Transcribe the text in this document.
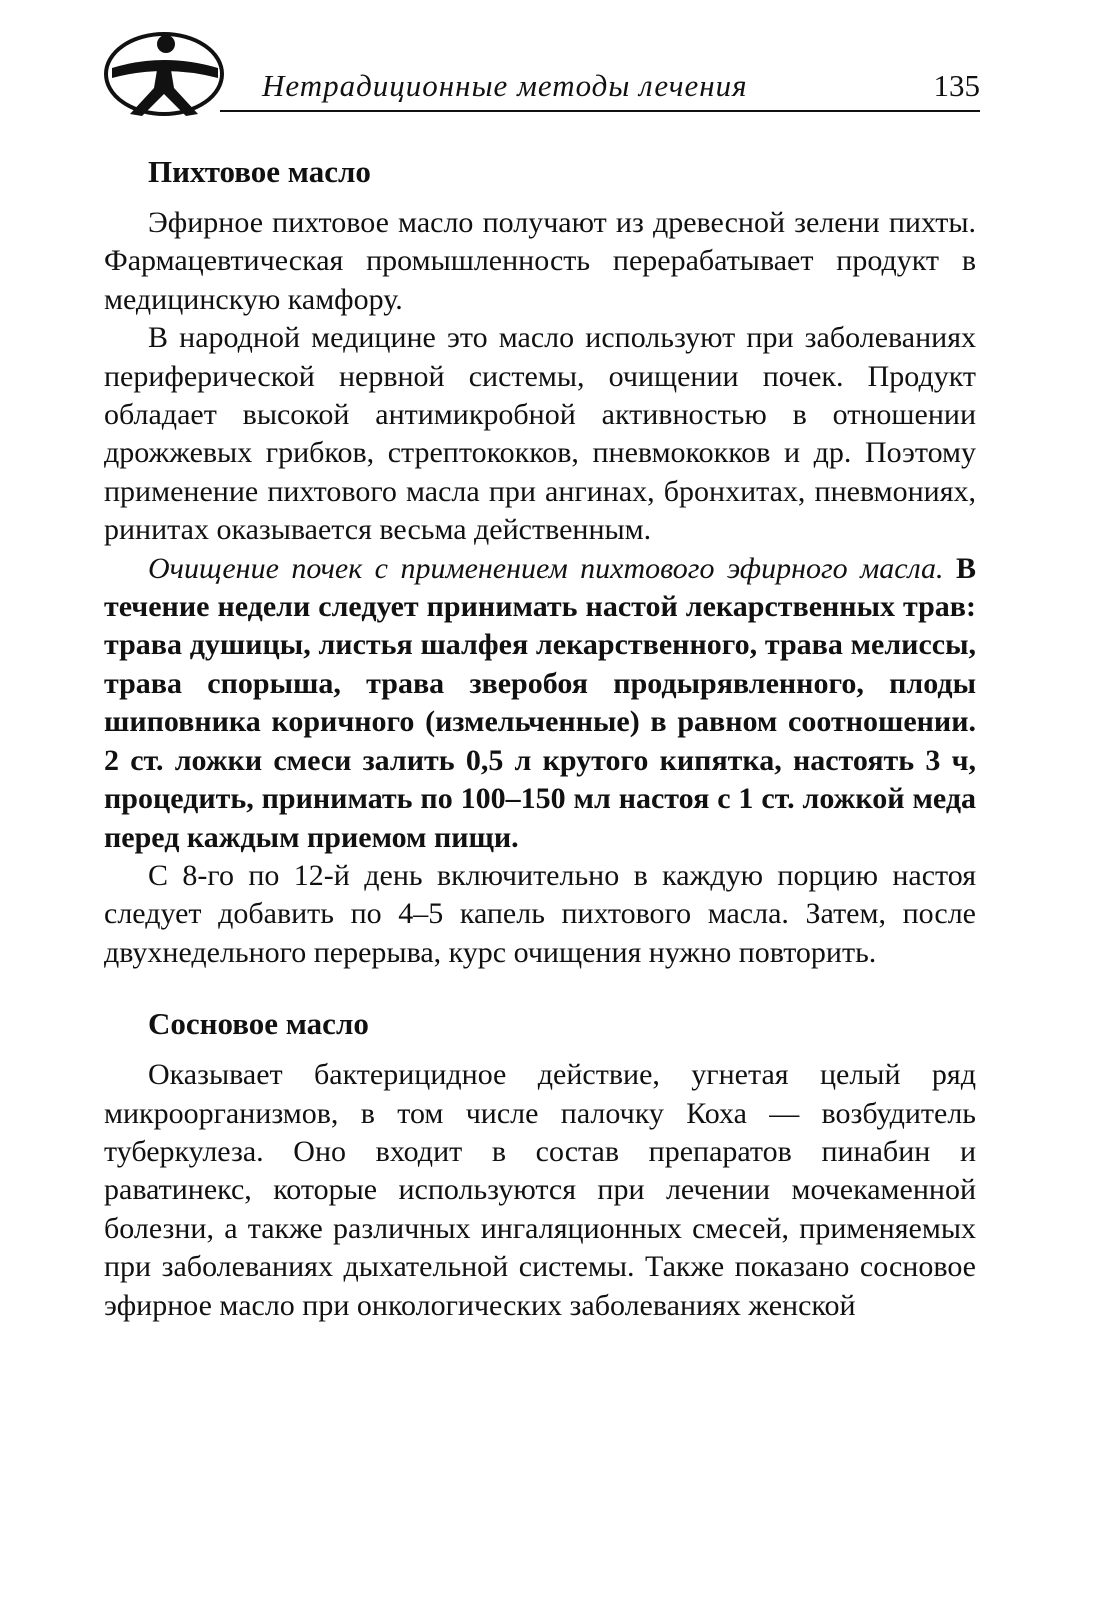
Нетрадиционные методы лечения	135
Пихтовое масло

Эфирное пихтовое масло получают из древесной зелени пихты. Фармацевтическая промышленность перерабатывает продукт в медицинскую камфору.

В народной медицине это масло используют при заболеваниях периферической нервной системы, очищении почек. Продукт обладает высокой антимикробной активностью в отношении дрожжевых грибков, стрептококков, пневмококков и др. Поэтому применение пихтового масла при ангинах, бронхитах, пневмониях, ринитах оказывается весьма действенным.

Очищение почек с применением пихтового эфирного масла. В течение недели следует принимать настой лекарственных трав: трава душицы, листья шалфея лекарственного, трава мелиссы, трава спорыша, трава зверобоя продырявленного, плоды шиповника коричного (измельченные) в равном соотношении. 2 ст. ложки смеси залить 0,5 л крутого кипятка, настоять 3 ч, процедить, принимать по 100–150 мл настоя с 1 ст. ложкой меда перед каждым приемом пищи.

С 8-го по 12-й день включительно в каждую порцию настоя следует добавить по 4–5 капель пихтового масла. Затем, после двухнедельного перерыва, курс очищения нужно повторить.

Сосновое масло

Оказывает бактерицидное действие, угнетая целый ряд микроорганизмов, в том числе палочку Коха — возбудитель туберкулеза. Оно входит в состав препаратов пинабин и раватинекс, которые используются при лечении мочекаменной болезни, а также различных ингаляционных смесей, применяемых при заболеваниях дыхательной системы. Также показано сосновое эфирное масло при онкологических заболеваниях женской
